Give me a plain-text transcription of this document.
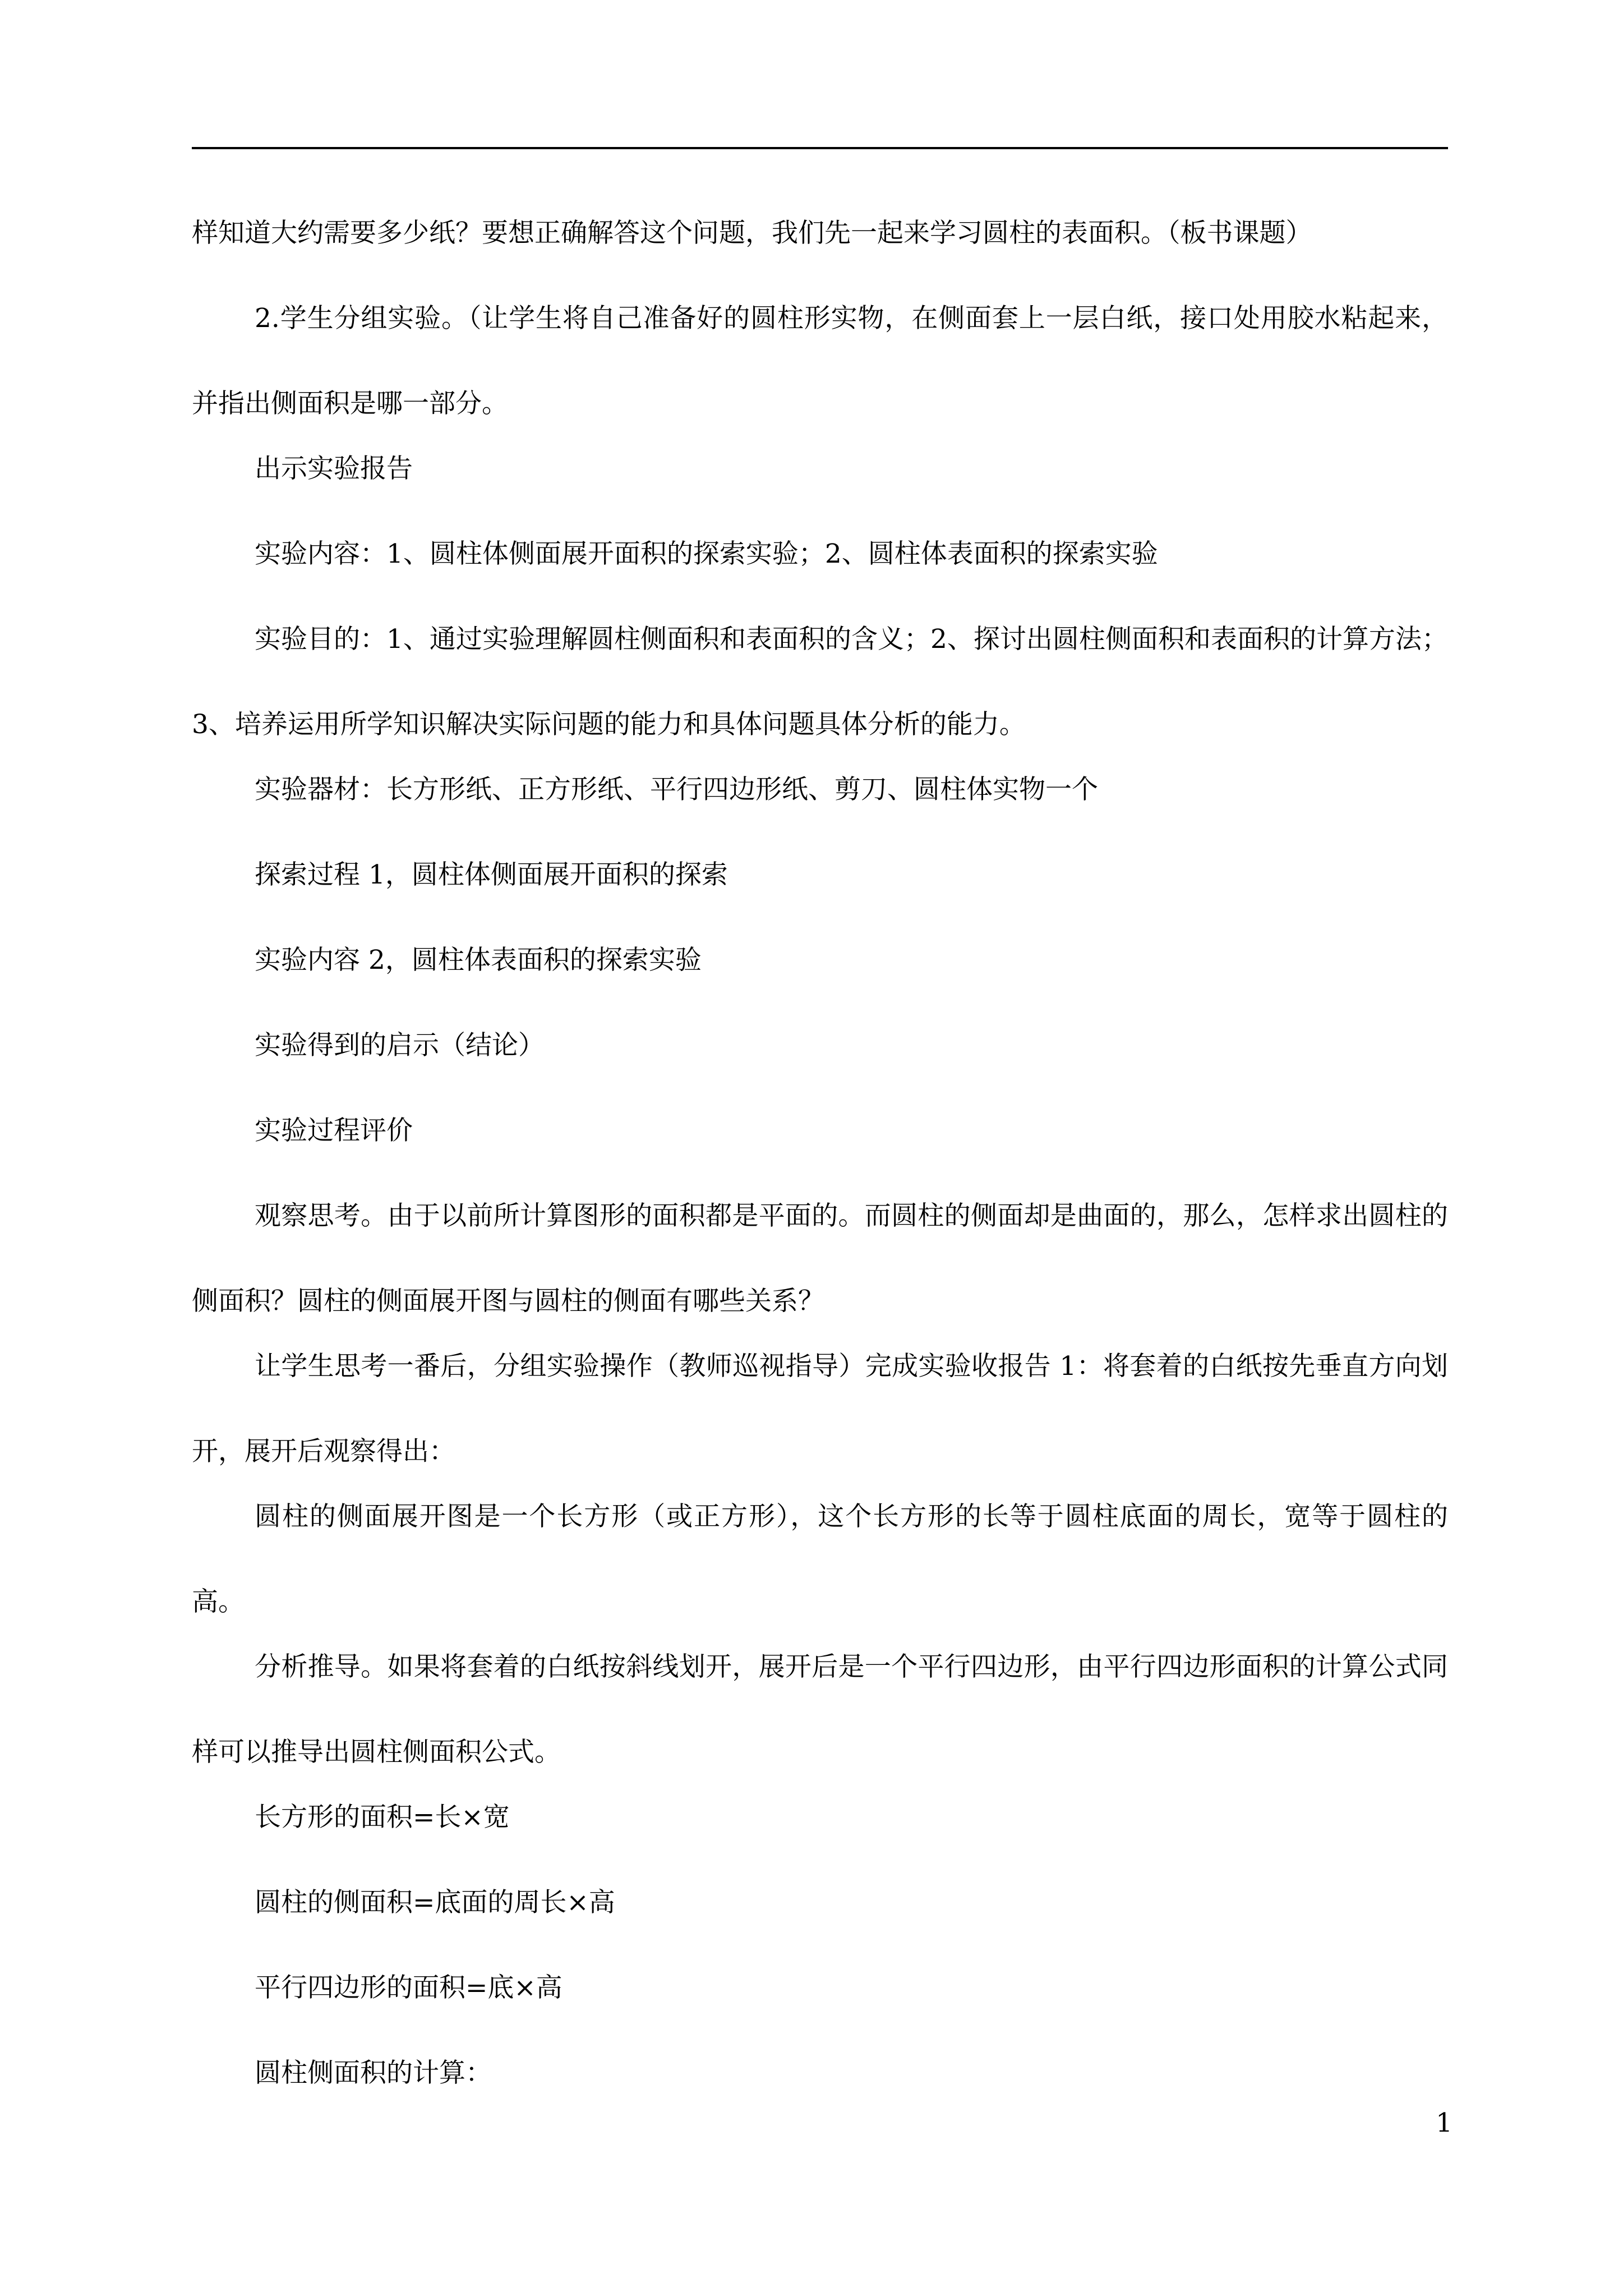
样知道大约需要多少纸？要想正确解答这个问题，我们先一起来学习圆柱的表面积。（板书课题）

2.学生分组实验。（让学生将自己准备好的圆柱形实物，在侧面套上一层白纸，接口处用胶水粘起来，并指出侧面积是哪一部分。

出示实验报告

实验内容：1、圆柱体侧面展开面积的探索实验；2、圆柱体表面积的探索实验

实验目的：1、通过实验理解圆柱侧面积和表面积的含义；2、探讨出圆柱侧面积和表面积的计算方法；3、培养运用所学知识解决实际问题的能力和具体问题具体分析的能力。

实验器材：长方形纸、正方形纸、平行四边形纸、剪刀、圆柱体实物一个

探索过程 1，圆柱体侧面展开面积的探索

实验内容 2，圆柱体表面积的探索实验

实验得到的启示（结论）

实验过程评价

观察思考。由于以前所计算图形的面积都是平面的。而圆柱的侧面却是曲面的，那么，怎样求出圆柱的侧面积？圆柱的侧面展开图与圆柱的侧面有哪些关系？

让学生思考一番后，分组实验操作（教师巡视指导）完成实验收报告 1：将套着的白纸按先垂直方向划开，展开后观察得出：

圆柱的侧面展开图是一个长方形（或正方形），这个长方形的长等于圆柱底面的周长，宽等于圆柱的高。

分析推导。如果将套着的白纸按斜线划开，展开后是一个平行四边形，由平行四边形面积的计算公式同样可以推导出圆柱侧面积公式。

长方形的面积=长×宽

圆柱的侧面积=底面的周长×高

平行四边形的面积=底×高

圆柱侧面积的计算：

1
